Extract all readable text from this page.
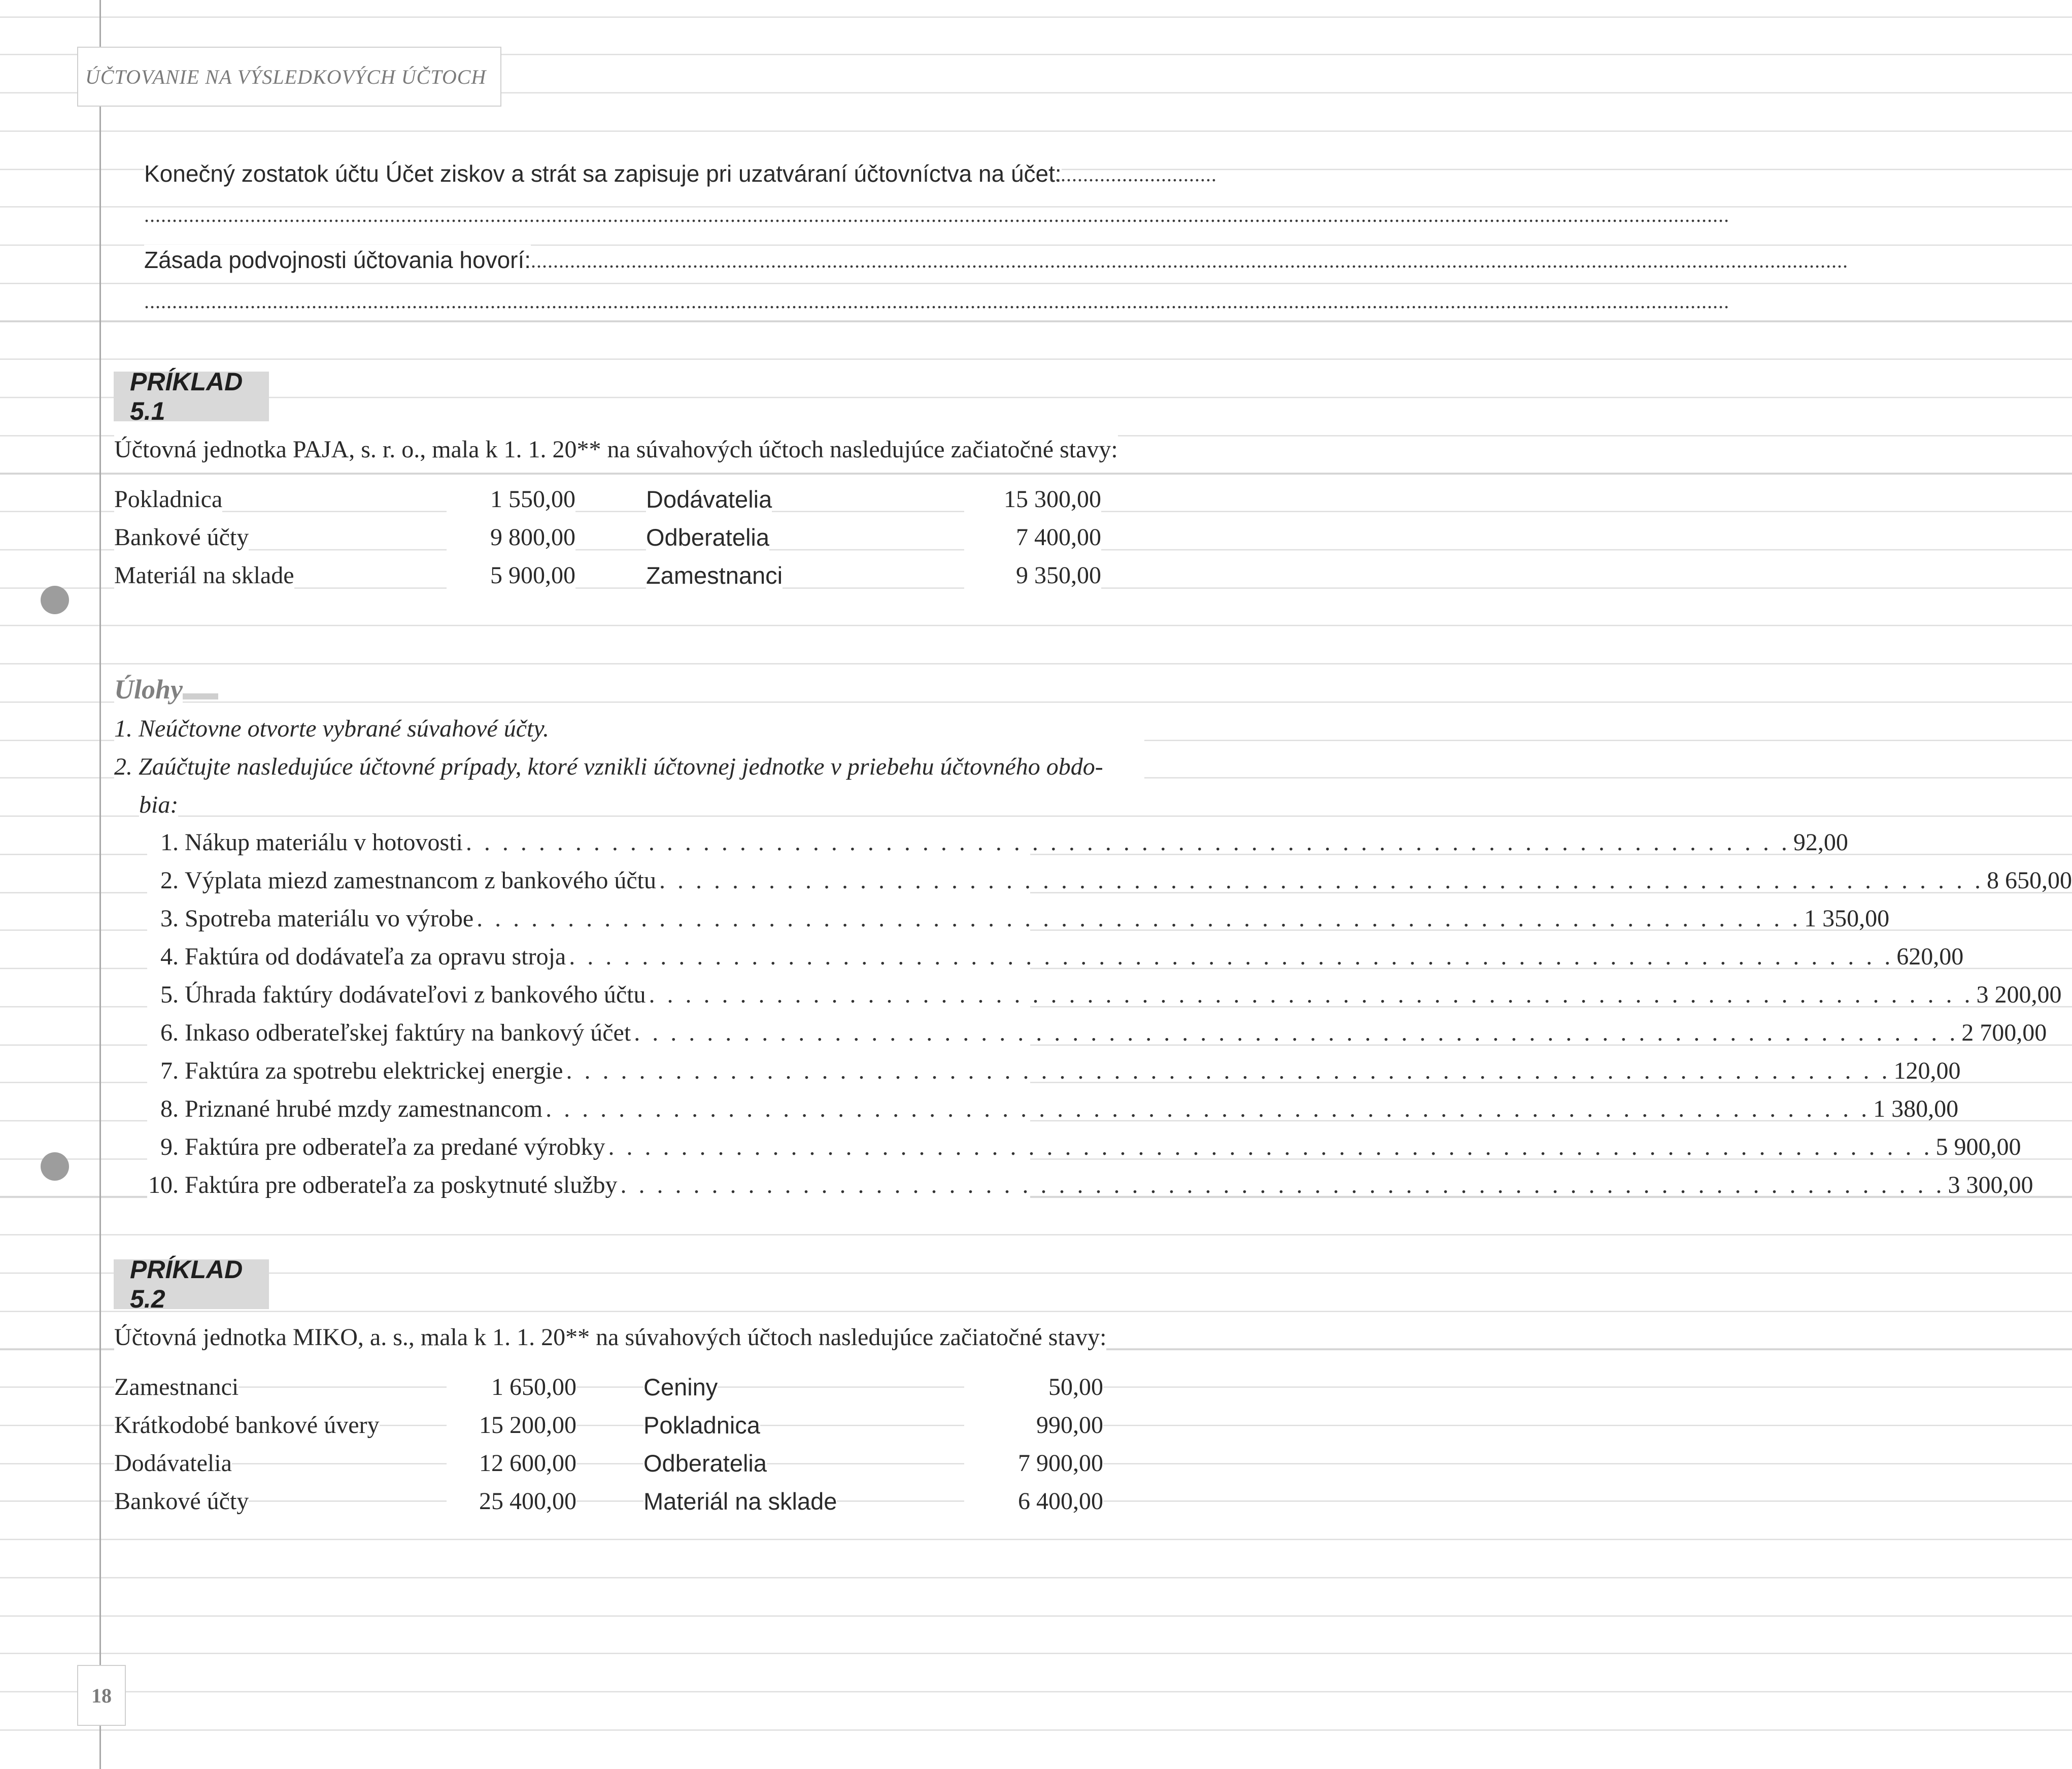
ÚČTOVANIE NA VÝSLEDKOVÝCH ÚČTOCH
Konečný zostatok účtu Účet ziskov a strát sa zapisuje pri uzatváraní účtovníctva na účet:
..............................
............................................................................................................................................................................................................................................................................................
Zásada podvojnosti účtovania hovorí: ............................................................................................................................................................................................................................................
............................................................................................................................................................................................................................................................................................
PRÍKLAD 5.1
Účtovná jednotka PAJA, s. r. o., mala k 1. 1. 20** na súvahových účtoch nasledujúce začiatočné stavy:
Pokladnica	1 550,00	Dodávatelia	15 300,00
Bankové účty	9 800,00	Odberatelia	7 400,00
Materiál na sklade	5 900,00	Zamestnanci	9 350,00
Úlohy
1. Neúčtovne otvorte vybrané súvahové účty.
2. Zaúčtujte nasledujúce účtovné prípady, ktoré vznikli účtovnej jednotke v priebehu účtovného obdo-
bia:
1. Nákup materiálu v hotovosti . . .	92,00
2. Výplata miezd zamestnancom z bankového účtu . . .	8 650,00
3. Spotreba materiálu vo výrobe . . .	1 350,00
4. Faktúra od dodávateľa za opravu stroja . . .	620,00
5. Úhrada faktúry dodávateľovi z bankového účtu . . .	3 200,00
6. Inkaso odberateľskej faktúry na bankový účet . . .	2 700,00
7. Faktúra za spotrebu elektrickej energie . . .	120,00
8. Priznané hrubé mzdy zamestnancom . . .	1 380,00
9. Faktúra pre odberateľa za predané výrobky . . .	5 900,00
10. Faktúra pre odberateľa za poskytnuté služby . . .	3 300,00
PRÍKLAD 5.2
Účtovná jednotka MIKO, a. s., mala k 1. 1. 20** na súvahových účtoch nasledujúce začiatočné stavy:
Zamestnanci	1 650,00	Ceniny	50,00
Krátkodobé bankové úvery	15 200,00	Pokladnica	990,00
Dodávatelia	12 600,00	Odberatelia	7 900,00
Bankové účty	25 400,00	Materiál na sklade	6 400,00
18
